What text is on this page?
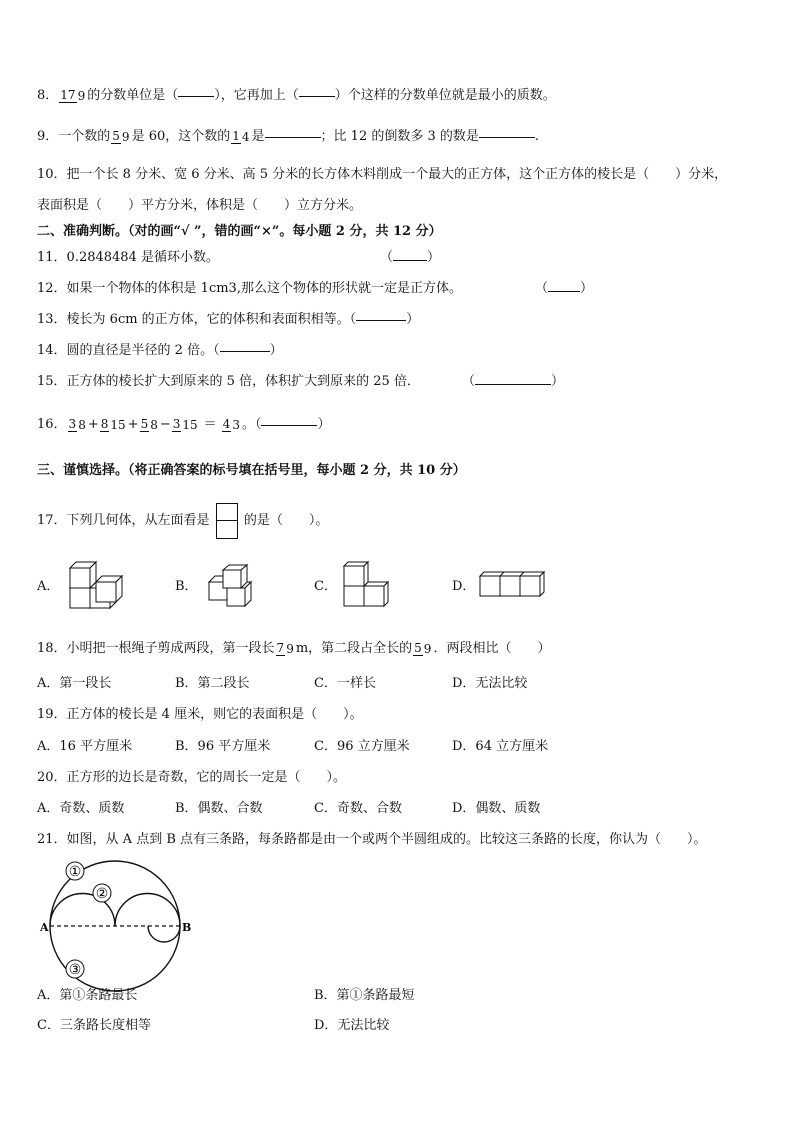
8． 17 9 的分数单位是（	），它再加上（	）个这样的分数单位就是最小的质数。
9．一个数的 5 9 是 60，这个数的 1 4 是	；比 12 的倒数多 3 的数是	.
10．把一个长 8 分米、宽 6 分米、高 5 分米的长方体木料削成一个最大的正方体，这个正方体的棱长是（　　）分米，
表面积是（　　）平方分米，体积是（　　）立方分米。
二、准确判断。（对的画“√ ”，错的画“×”。每小题 2 分，共 12 分）
11．0.2848484 是循环小数。	（	）
12．如果一个物体的体积是 1cm3,那么这个物体的形状就一定是正方体。	（ ）
13．棱长为 6cm 的正方体，它的体积和表面积相等。（	）
14．圆的直径是半径的 2 倍。（	）
15．正方体的棱长扩大到原来的 5 倍，体积扩大到原来的 25 倍．	（	）
16． 3 8 + 8 15 + 5 8 − 3 15 ＝ 4 3 。（	）
三、谨慎选择。（将正确答案的标号填在括号里，每小题 2 分，共 10 分）
17．下列几何体，从左面看是	的是（　　）。
A．	B．	C．	D．
18．小明把一根绳子剪成两段，第一段长 7 9 m，第二段占全长的 5 9 ．两段相比（　　）
A．第一段长	B．第二段长	C．一样长	D．无法比较
19．正方体的棱长是 4 厘米，则它的表面积是（　　）。
A．16 平方厘米	B．96 平方厘米	C．96 立方厘米	D．64 立方厘米
20．正方形的边长是奇数，它的周长一定是（　　）。
A．奇数、质数	B．偶数、合数	C．奇数、合数	D．偶数、质数
21．如图，从 A 点到 B 点有三条路，每条路都是由一个或两个半圆组成的。比较这三条路的长度，你认为（　　）。
①
②
③
A	B
A．第①条路最长	B．第①条路最短
C．三条路长度相等	D．无法比较
